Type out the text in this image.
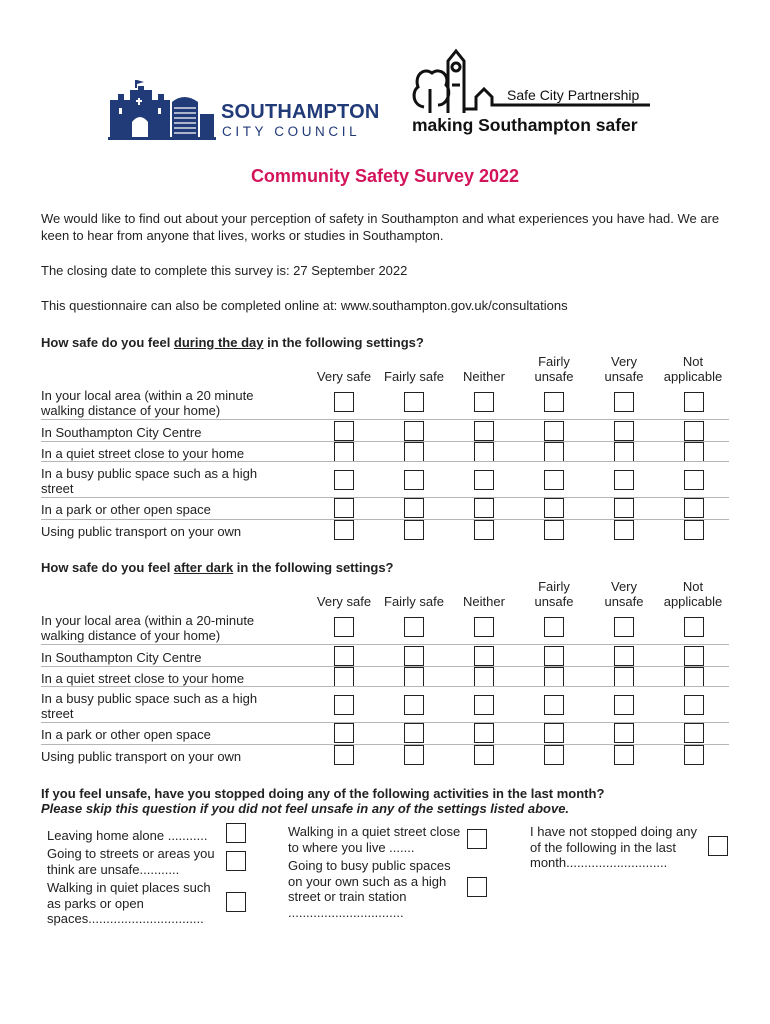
SOUTHAMPTON
CITY COUNCIL
Safe City Partnership
making Southampton safer
Community Safety Survey 2022
We would like to find out about your perception of safety in Southampton and what experiences you have had. We are keen to hear from anyone that lives, works or studies in Southampton.
The closing date to complete this survey is: 27 September 2022
This questionnaire can also be completed online at: www.southampton.gov.uk/consultations
How safe do you feel during the day in the following settings?
Very safe Fairly safe	Neither
Fairly
unsafe
Very
unsafe
Not
applicable
In your local area (within a 20 minute walking distance of your home)
In Southampton City Centre
In a quiet street close to your home
In a busy public space such as a high street
In a park or other open space
Using public transport on your own
How safe do you feel after dark in the following settings?
Very safe Fairly safe	Neither
Fairly
unsafe
Very
unsafe
Not
applicable
In your local area (within a 20-minute walking distance of your home)
In Southampton City Centre
In a quiet street close to your home
In a busy public space such as a high street
In a park or other open space
Using public transport on your own
If you feel unsafe, have you stopped doing any of the following activities in the last month?
Please skip this question if you did not feel unsafe in any of the settings listed above.
Leaving home alone ...........
Going to streets or areas you think are unsafe...........
Walking in quiet places such as parks or open spaces................................
Walking in a quiet street close to where you live .......
Going to busy public spaces on your own such as a high street or train station ................................
I have not stopped doing any of the following in the last month............................
